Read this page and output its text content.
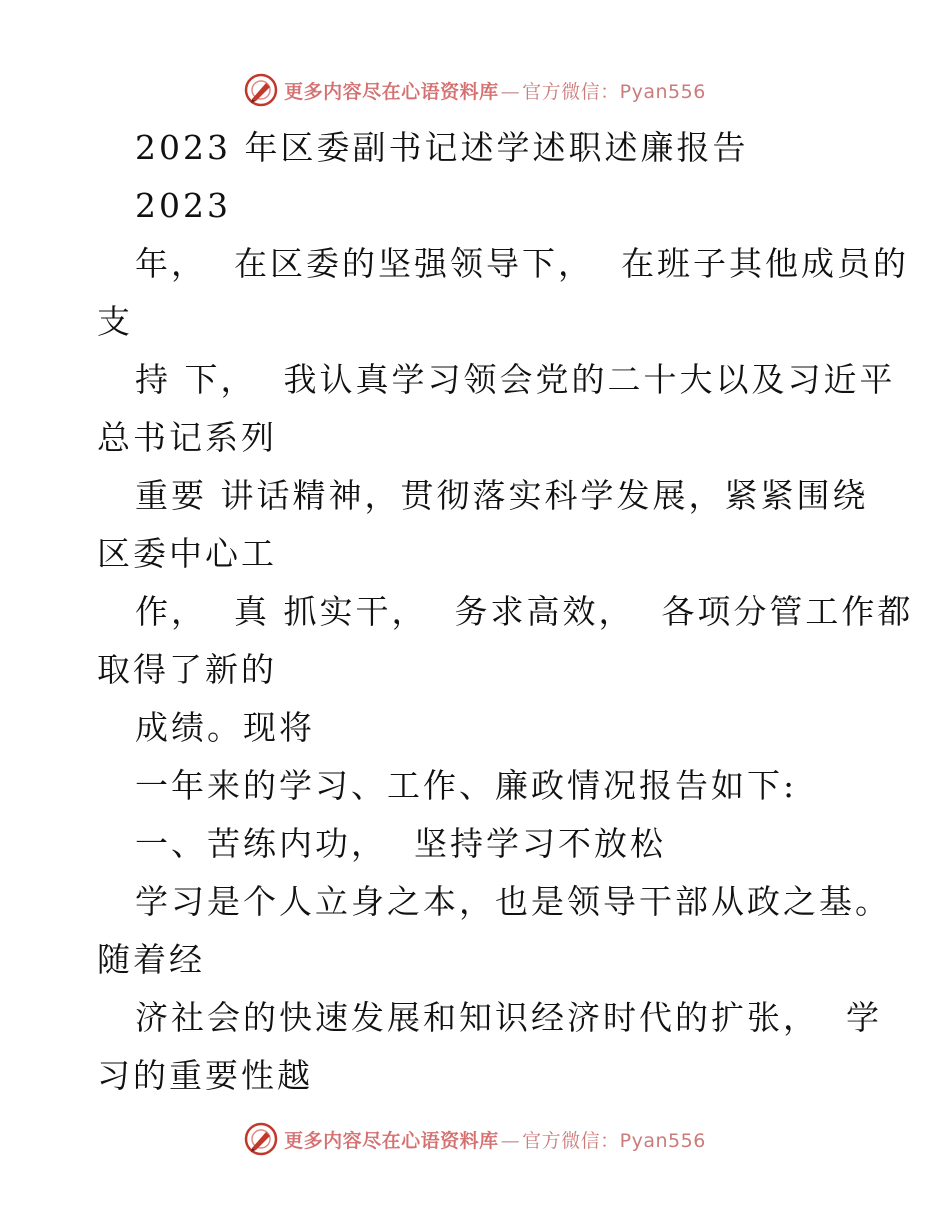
更多内容尽在心语资料库 — 官方微信：Pyan556
2023 年区委副书记述学述职述廉报告
2023
年，  在区委的坚强领导下，  在班子其他成员的
支
持 下，  我认真学习领会党的二十大以及习近平
总书记系列
重要 讲话精神，贯彻落实科学发展，紧紧围绕
区委中心工
作，  真 抓实干，  务求高效，  各项分管工作都
取得了新的
成绩。现将
一年来的学习、工作、廉政情况报告如下:
一、苦练内功，  坚持学习不放松
学习是个人立身之本，也是领导干部从政之基。
随着经
济社会的快速发展和知识经济时代的扩张，  学
习的重要性越
更多内容尽在心语资料库 — 官方微信：Pyan556
